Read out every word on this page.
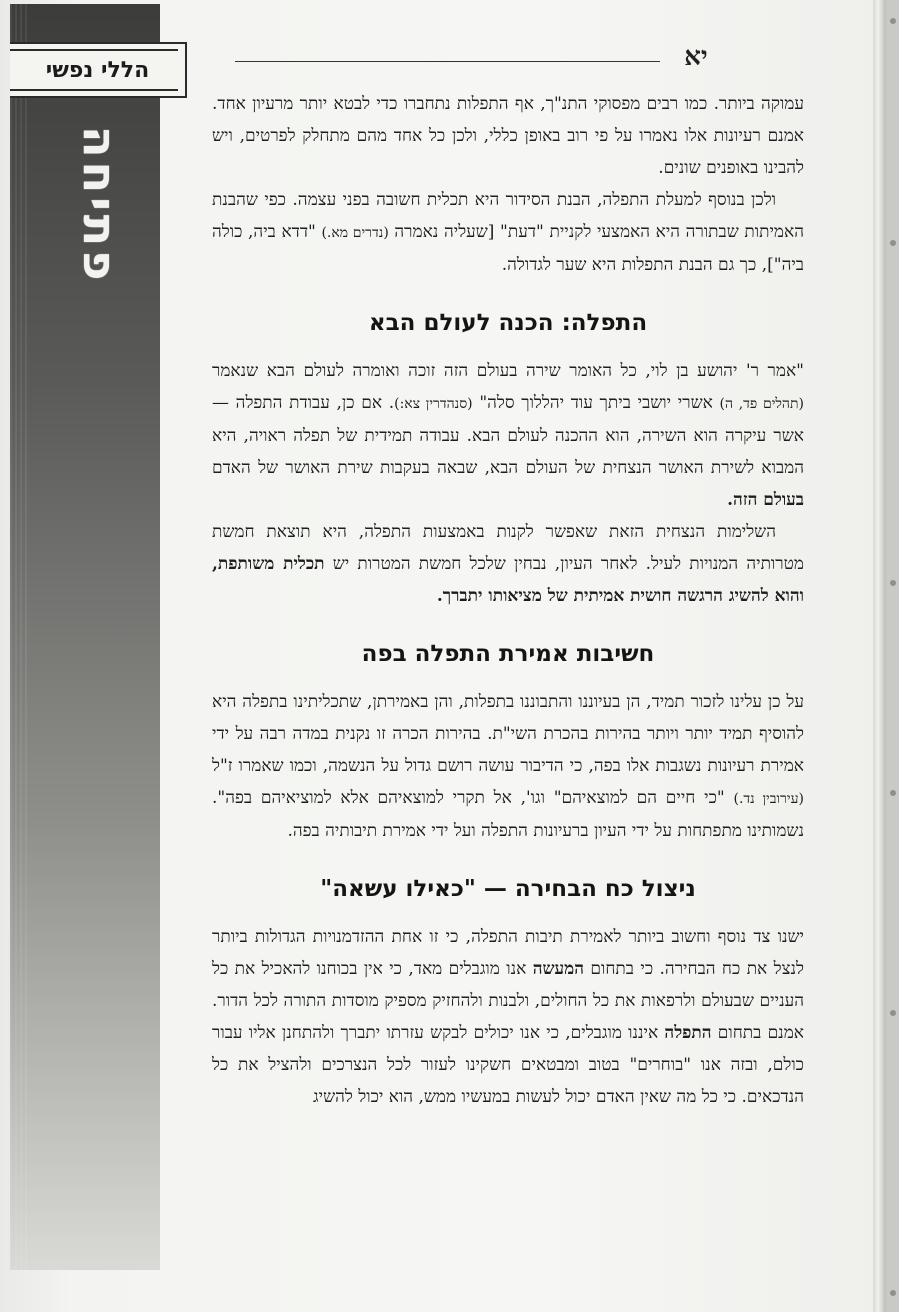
פתיחה
הללי נפשי	יא

עמוקה ביותר. כמו רבים מפסוקי התנ"ך, אף התפלות נתחברו כדי לבטא יותר מרעיון אחד. אמנם רעיונות אלו נאמרו על פי רוב באופן כללי, ולכן כל אחד מהם מתחלק לפרטים, ויש להבינו באופנים שונים.

ולכן בנוסף למעלת התפלה, הבנת הסידור היא תכלית חשובה בפני עצמה. כפי שהבנת האמיתות שבתורה היא האמצעי לקניית "דעת" [שעליה נאמרה (נדרים מא.) "דדא ביה, כולה ביה"], כך גם הבנת התפלות היא שער לגדולה.

התפלה: הכנה לעולם הבא

"אמר ר' יהושע בן לוי, כל האומר שירה בעולם הזה זוכה ואומרה לעולם הבא שנאמר (תהלים פד, ה) אשרי יושבי ביתך עוד יהללוך סלה" (סנהדרין צא:). אם כן, עבודת התפלה — אשר עיקרה הוא השירה, הוא ההכנה לעולם הבא. עבודה תמידית של תפלה ראויה, היא המבוא לשירת האושר הנצחית של העולם הבא, שבאה בעקבות שירת האושר של האדם בעולם הזה.

השלימות הנצחית הזאת שאפשר לקנות באמצעות התפלה, היא תוצאת חמשת מטרותיה המנויות לעיל. לאחר העיון, נבחין שלכל חמשת המטרות יש תכלית משותפת, והוא להשיג הרגשה חושית אמיתית של מציאותו יתברך.

חשיבות אמירת התפלה בפה

על כן עלינו לזכור תמיד, הן בעיוננו והתבוננו בתפלות, והן באמירתן, שתכליתינו בתפלה היא להוסיף תמיד יותר ויותר בהירות בהכרת השי"ת. בהירות הכרה זו נקנית במדה רבה על ידי אמירת רעיונות נשגבות אלו בפה, כי הדיבור עושה רושם גדול על הנשמה, וכמו שאמרו ז"ל (עירובין נד.) "כי חיים הם למוצאיהם" וגו', אל תקרי למוצאיהם אלא למוציאיהם בפה". נשמותינו מתפתחות על ידי העיון ברעיונות התפלה ועל ידי אמירת תיבותיה בפה.

ניצול כח הבחירה — "כאילו עשאה"

ישנו צד נוסף וחשוב ביותר לאמירת תיבות התפלה, כי זו אחת ההזדמנויות הגדולות ביותר לנצל את כח הבחירה. כי בתחום המעשה אנו מוגבלים מאד, כי אין בכוחנו להאכיל את כל העניים שבעולם ולרפאות את כל החולים, ולבנות ולהחזיק מספיק מוסדות התורה לכל הדור. אמנם בתחום התפלה איננו מוגבלים, כי אנו יכולים לבקש עזרתו יתברך ולהתחנן אליו עבור כולם, ובזה אנו "בוחרים" בטוב ומבטאים חשקינו לעזור לכל הנצרכים ולהציל את כל הנדכאים. כי כל מה שאין האדם יכול לעשות במעשיו ממש, הוא יכול להשיג
